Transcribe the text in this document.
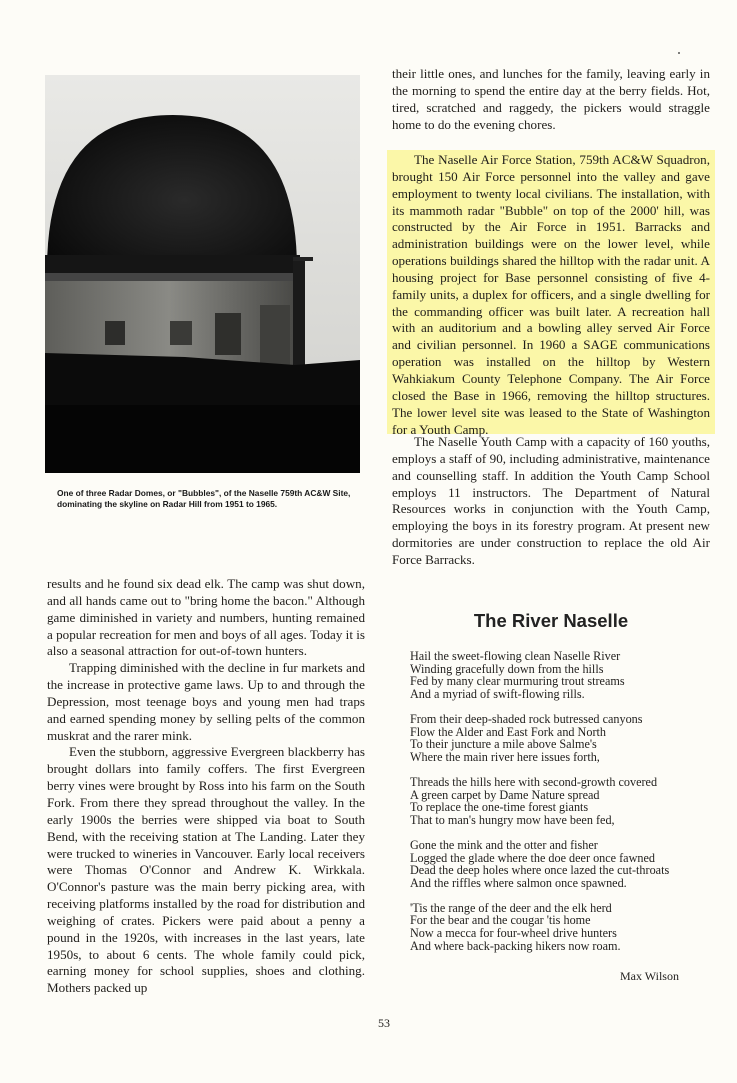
One of three Radar Domes, or "Bubbles", of the Naselle 759th AC&W Site, dominating the skyline on Radar Hill from 1951 to 1965.

their little ones, and lunches for the family, leaving early in the morning to spend the entire day at the berry fields. Hot, tired, scratched and raggedy, the pickers would straggle home to do the evening chores.

The Naselle Air Force Station, 759th AC&W Squadron, brought 150 Air Force personnel into the valley and gave employment to twenty local civilians. The installation, with its mammoth radar "Bubble" on top of the 2000' hill, was constructed by the Air Force in 1951. Barracks and administration buildings were on the lower level, while operations buildings shared the hilltop with the radar unit. A housing project for Base personnel consisting of five 4-family units, a duplex for officers, and a single dwelling for the commanding officer was built later. A recreation hall with an auditorium and a bowling alley served Air Force and civilian personnel. In 1960 a SAGE communications operation was installed on the hilltop by Western Wahkiakum County Telephone Company. The Air Force closed the Base in 1966, removing the hilltop structures. The lower level site was leased to the State of Washington for a Youth Camp.

The Naselle Youth Camp with a capacity of 160 youths, employs a staff of 90, including administrative, maintenance and counselling staff. In addition the Youth Camp School employs 11 instructors. The Department of Natural Resources works in conjunction with the Youth Camp, employing the boys in its forestry program. At present new dormitories are under construction to replace the old Air Force Barracks.

results and he found six dead elk. The camp was shut down, and all hands came out to "bring home the bacon." Although game diminished in variety and numbers, hunting remained a popular recreation for men and boys of all ages. Today it is also a seasonal attraction for out-of-town hunters.

Trapping diminished with the decline in fur markets and the increase in protective game laws. Up to and through the Depression, most teenage boys and young men had traps and earned spending money by selling pelts of the common muskrat and the rarer mink.

Even the stubborn, aggressive Evergreen blackberry has brought dollars into family coffers. The first Evergreen berry vines were brought by Ross into his farm on the South Fork. From there they spread throughout the valley. In the early 1900s the berries were shipped via boat to South Bend, with the receiving station at The Landing. Later they were trucked to wineries in Vancouver. Early local receivers were Thomas O'Connor and Andrew K. Wirkkala. O'Connor's pasture was the main berry picking area, with receiving platforms installed by the road for distribution and weighing of crates. Pickers were paid about a penny a pound in the 1920s, with increases in the last years, late 1950s, to about 6 cents. The whole family could pick, earning money for school supplies, shoes and clothing. Mothers packed up

The River Naselle
Hail the sweet-flowing clean Naselle River
Winding gracefully down from the hills
Fed by many clear murmuring trout streams
And a myriad of swift-flowing rills.
From their deep-shaded rock butressed canyons
Flow the Alder and East Fork and North
To their juncture a mile above Salme's
Where the main river here issues forth,
Threads the hills here with second-growth covered
A green carpet by Dame Nature spread
To replace the one-time forest giants
That to man's hungry mow have been fed,
Gone the mink and the otter and fisher
Logged the glade where the doe deer once fawned
Dead the deep holes where once lazed the cut-throats
And the riffles where salmon once spawned.
'Tis the range of the deer and the elk herd
For the bear and the cougar 'tis home
Now a mecca for four-wheel drive hunters
And where back-packing hikers now roam.
Max Wilson
53
